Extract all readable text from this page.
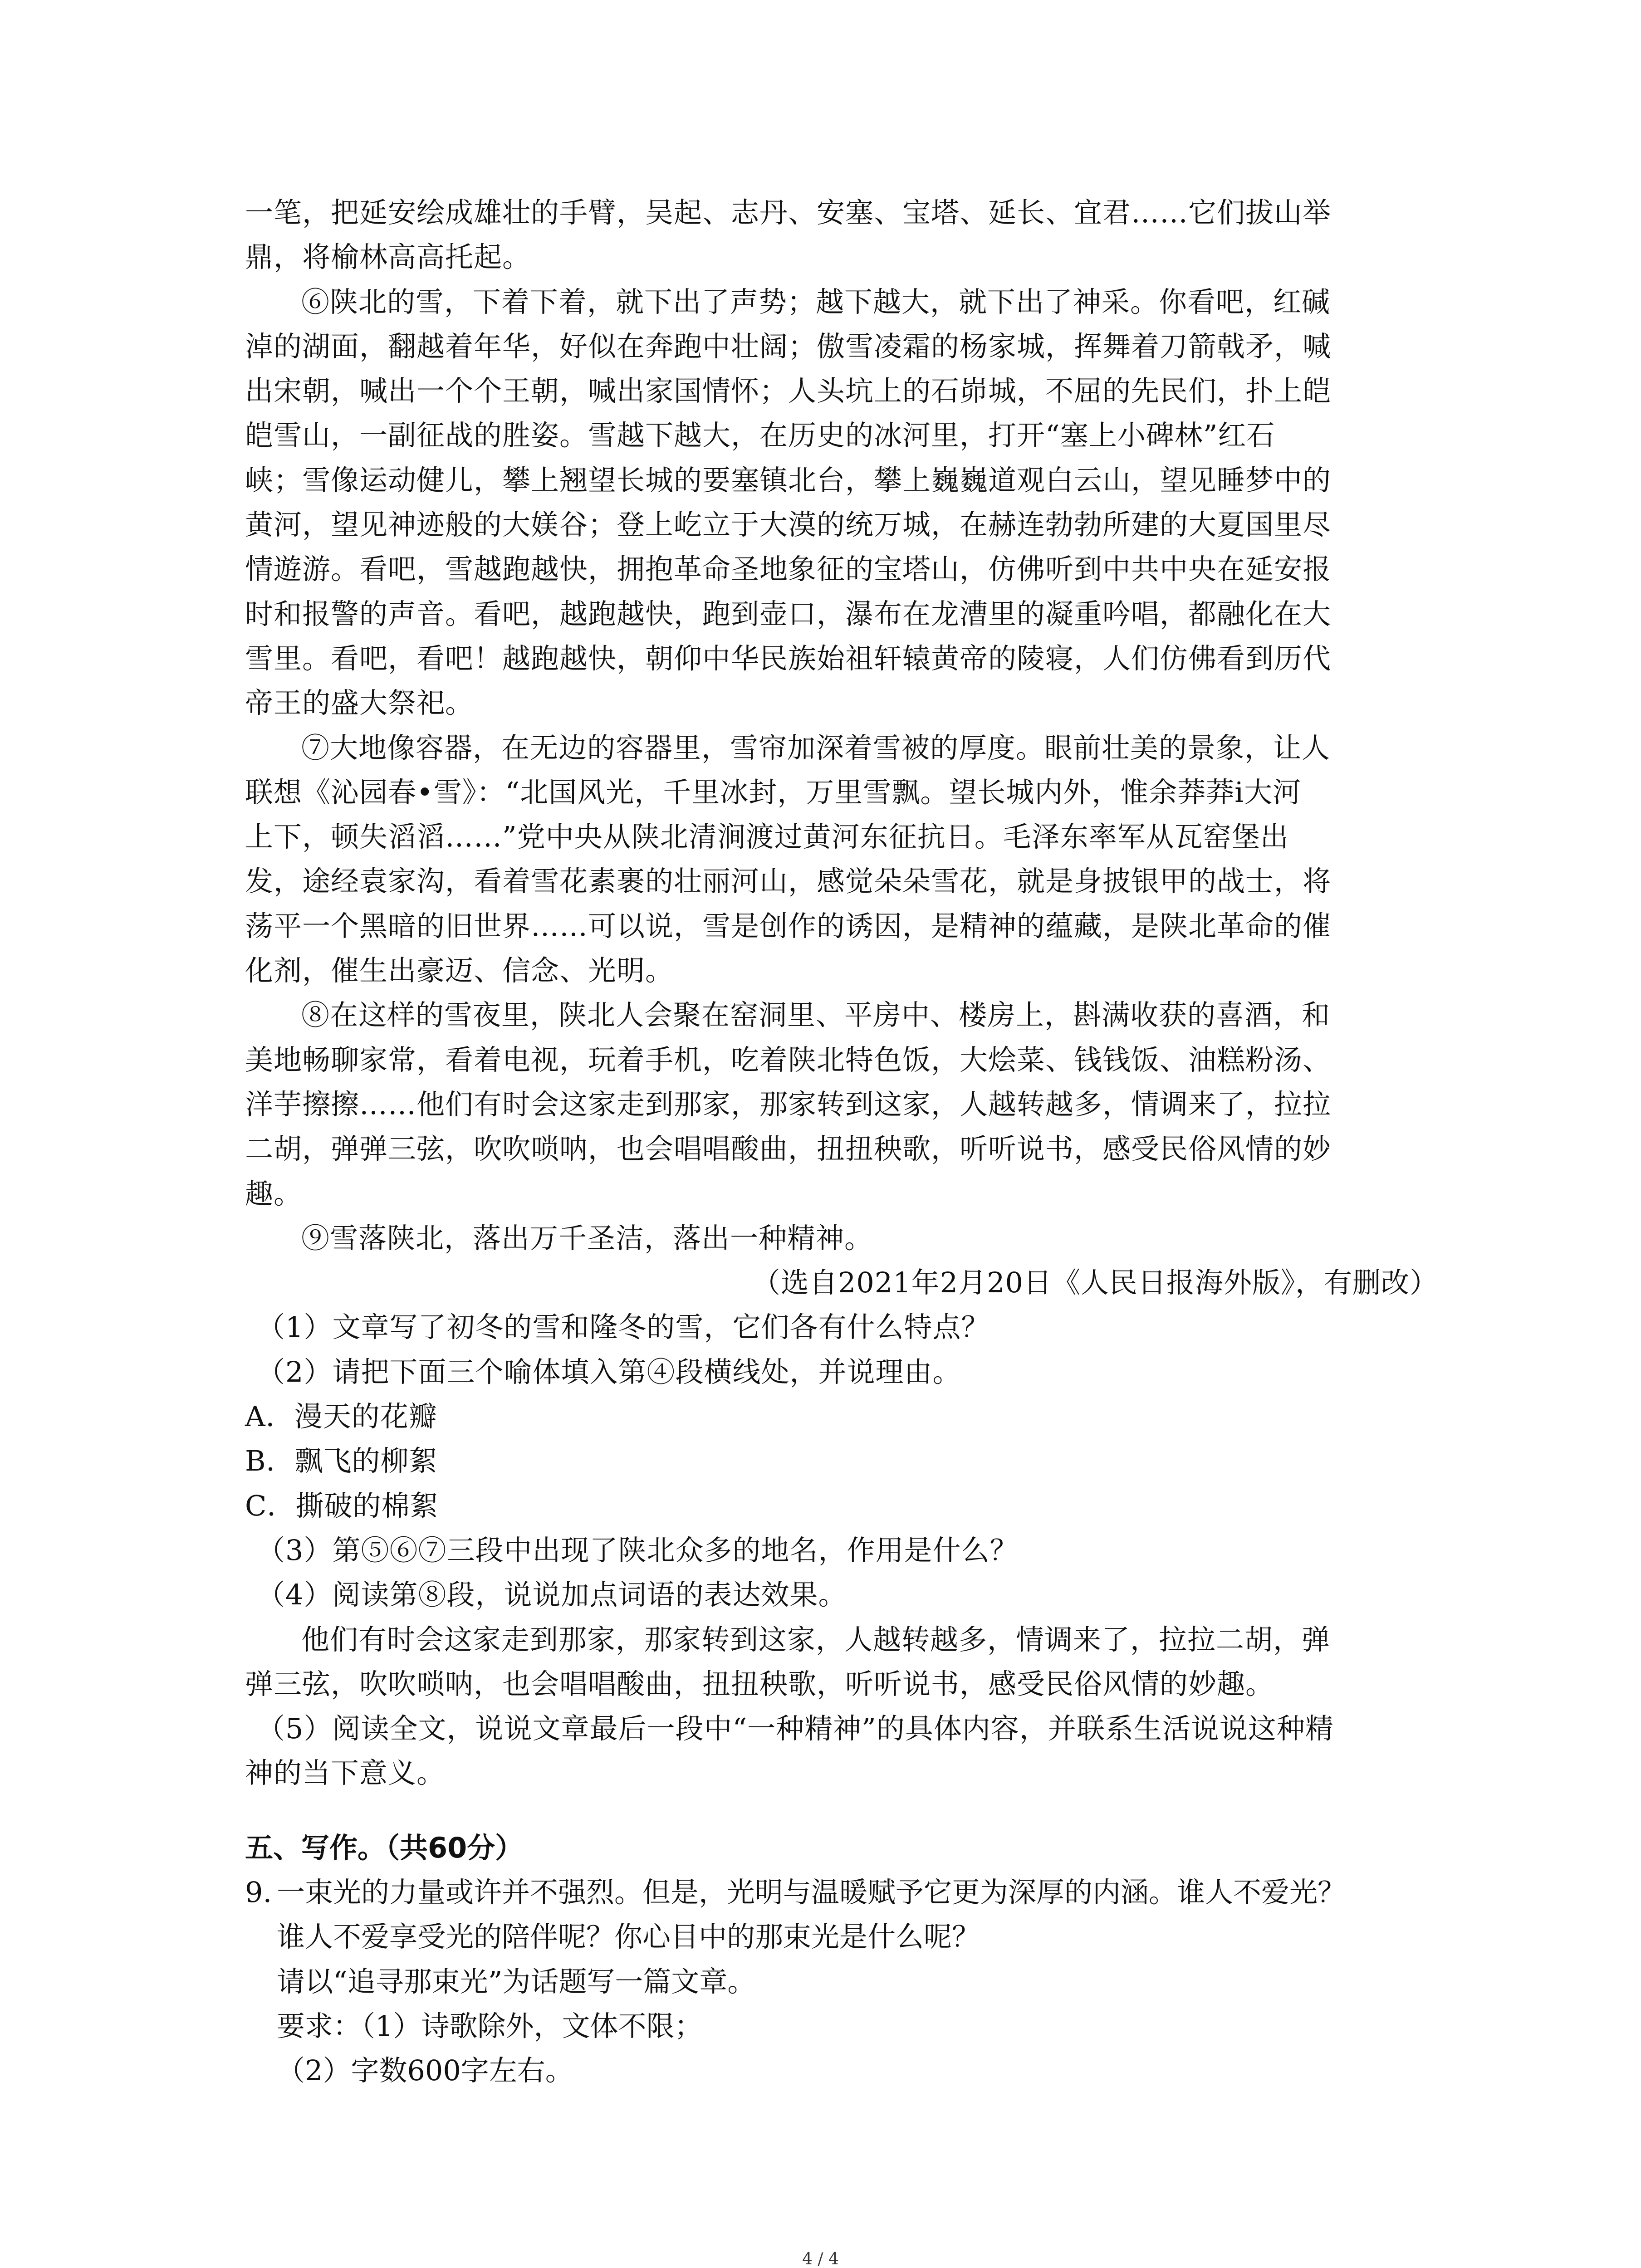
一笔，把延安绘成雄壮的手臂，吴起、志丹、安塞、宝塔、延长、宜君……它们拔山举
鼎，将榆林高高托起。
⑥陕北的雪，下着下着，就下出了声势；越下越大，就下出了神采。你看吧，红碱
淖的湖面，翻越着年华，好似在奔跑中壮阔；傲雪凌霜的杨家城，挥舞着刀箭戟矛，喊
出宋朝，喊出一个个王朝，喊出家国情怀；人头坑上的石峁城，不屈的先民们，扑上皑
皑雪山，一副征战的胜姿。雪越下越大，在历史的冰河里，打开“塞上小碑林”红石
峡；雪像运动健儿，攀上翘望长城的要塞镇北台，攀上巍巍道观白云山，望见睡梦中的
黄河，望见神迹般的大媄谷；登上屹立于大漠的统万城，在赫连勃勃所建的大夏国里尽
情遊游。看吧，雪越跑越快，拥抱革命圣地象征的宝塔山，仿佛听到中共中央在延安报
时和报警的声音。看吧，越跑越快，跑到壶口，瀑布在龙漕里的凝重吟唱，都融化在大
雪里。看吧，看吧！越跑越快，朝仰中华民族始祖轩辕黄帝的陵寝，人们仿佛看到历代
帝王的盛大祭祀。
⑦大地像容器，在无边的容器里，雪帘加深着雪被的厚度。眼前壮美的景象，让人
联想《沁园春•雪》：“北国风光，千里冰封，万里雪飘。望长城内外，惟余莽莽i大河
上下，顿失滔滔……”党中央从陕北清涧渡过黄河东征抗日。毛泽东率军从瓦窑堡出
发，途经袁家沟，看着雪花素裹的壮丽河山，感觉朵朵雪花，就是身披银甲的战士，将
荡平一个黑暗的旧世界……可以说，雪是创作的诱因，是精神的蕴藏，是陕北革命的催
化剂，催生出豪迈、信念、光明。
⑧在这样的雪夜里，陕北人会聚在窑洞里、平房中、楼房上，斟满收获的喜酒，和
美地畅聊家常，看着电视，玩着手机，吃着陕北特色饭，大烩菜、钱钱饭、油糕粉汤、
洋芋擦擦……他们有时会这家走到那家，那家转到这家，人越转越多，情调来了，拉拉
二胡，弹弹三弦，吹吹唢呐，也会唱唱酸曲，扭扭秧歌，听听说书，感受民俗风情的妙
趣。
⑨雪落陕北，落出万千圣洁，落出一种精神。
（选自2021年2月20日《人民日报海外版》，有删改）
（1）文章写了初冬的雪和隆冬的雪，它们各有什么特点？
（2）请把下面三个喻体填入第④段横线处，并说理由。
A．漫天的花瓣
B．飘飞的柳絮
C．撕破的棉絮
（3）第⑤⑥⑦三段中出现了陕北众多的地名，作用是什么？
（4）阅读第⑧段，说说加点词语的表达效果。
他们有时会这家走到那家，那家转到这家，人越转越多，情调来了，拉拉二胡，弹
弹三弦，吹吹唢呐，也会唱唱酸曲，扭扭秧歌，听听说书，感受民俗风情的妙趣。
（5）阅读全文，说说文章最后一段中“一种精神”的具体内容，并联系生活说说这种精
神的当下意义。
五、写作。（共60分）
9. 一束光的力量或许并不强烈。但是，光明与温暖赋予它更为深厚的内涵。谁人不爱光？
谁人不爱享受光的陪伴呢？你心目中的那束光是什么呢？
请以“追寻那束光”为话题写一篇文章。
要求：（1）诗歌除外，文体不限；
（2）字数600字左右。
4 / 4
